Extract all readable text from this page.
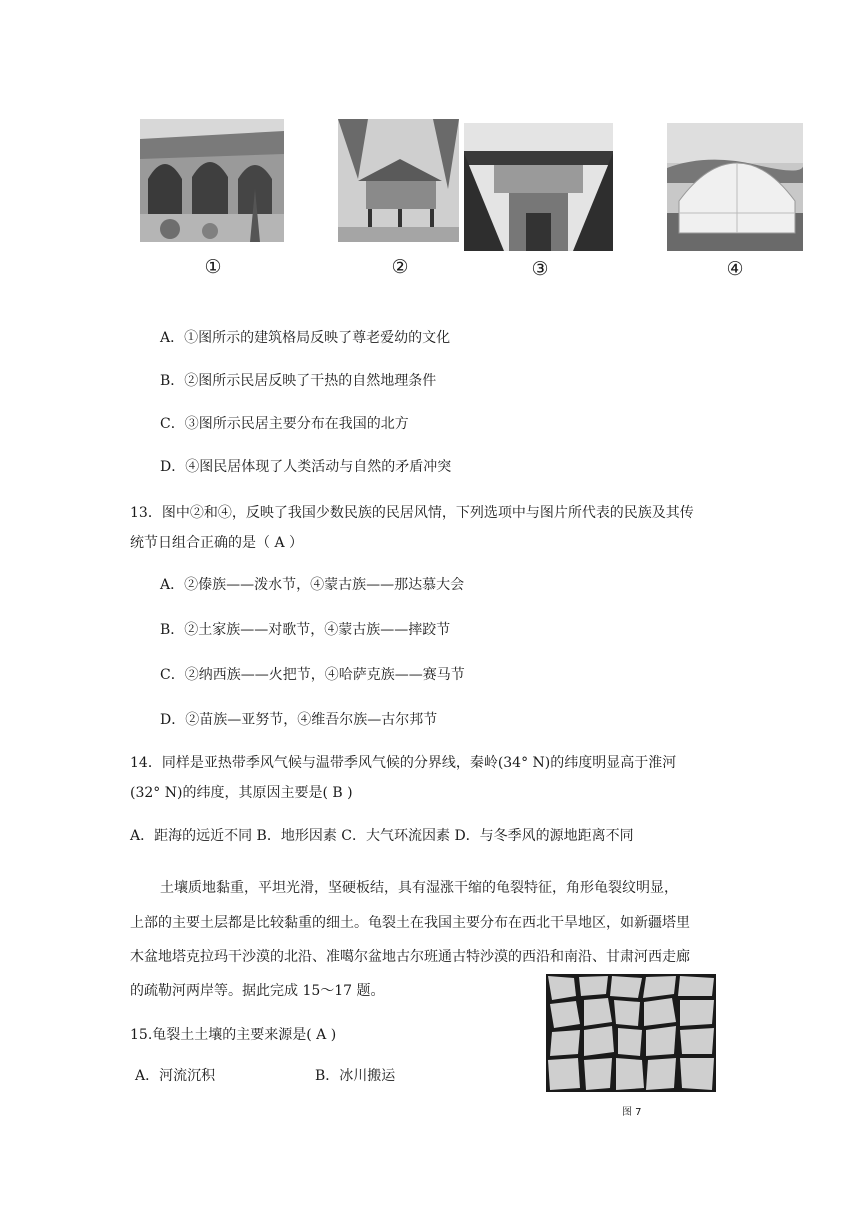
①	②	③	④
A．①图所示的建筑格局反映了尊老爱幼的文化
B．②图所示民居反映了干热的自然地理条件
C．③图所示民居主要分布在我国的北方
D．④图民居体现了人类活动与自然的矛盾冲突
13．图中②和④，反映了我国少数民族的民居风情，下列选项中与图片所代表的民族及其传
统节日组合正确的是（ A ）
A．②傣族——泼水节，④蒙古族——那达慕大会
B．②土家族——对歌节，④蒙古族——摔跤节
C．②纳西族——火把节，④哈萨克族——赛马节
D．②苗族—亚努节，④维吾尔族—古尔邦节
14．同样是亚热带季风气候与温带季风气候的分界线，秦岭(34° N)的纬度明显高于淮河
(32° N)的纬度，其原因主要是( B )
A．距海的远近不同 B．地形因素 C．大气环流因素 D．与冬季风的源地距离不同
土壤质地黏重，平坦光滑，坚硬板结，具有湿涨干缩的龟裂特征，角形龟裂纹明显，
上部的主要土层都是比较黏重的细土。龟裂土在我国主要分布在西北干旱地区，如新疆塔里
木盆地塔克拉玛干沙漠的北沿、准噶尔盆地古尔班通古特沙漠的西沿和南沿、甘肃河西走廊
的疏勒河两岸等。据此完成 15～17 题。
15.龟裂土土壤的主要来源是( A )
A．河流沉积	B．冰川搬运
图 7
